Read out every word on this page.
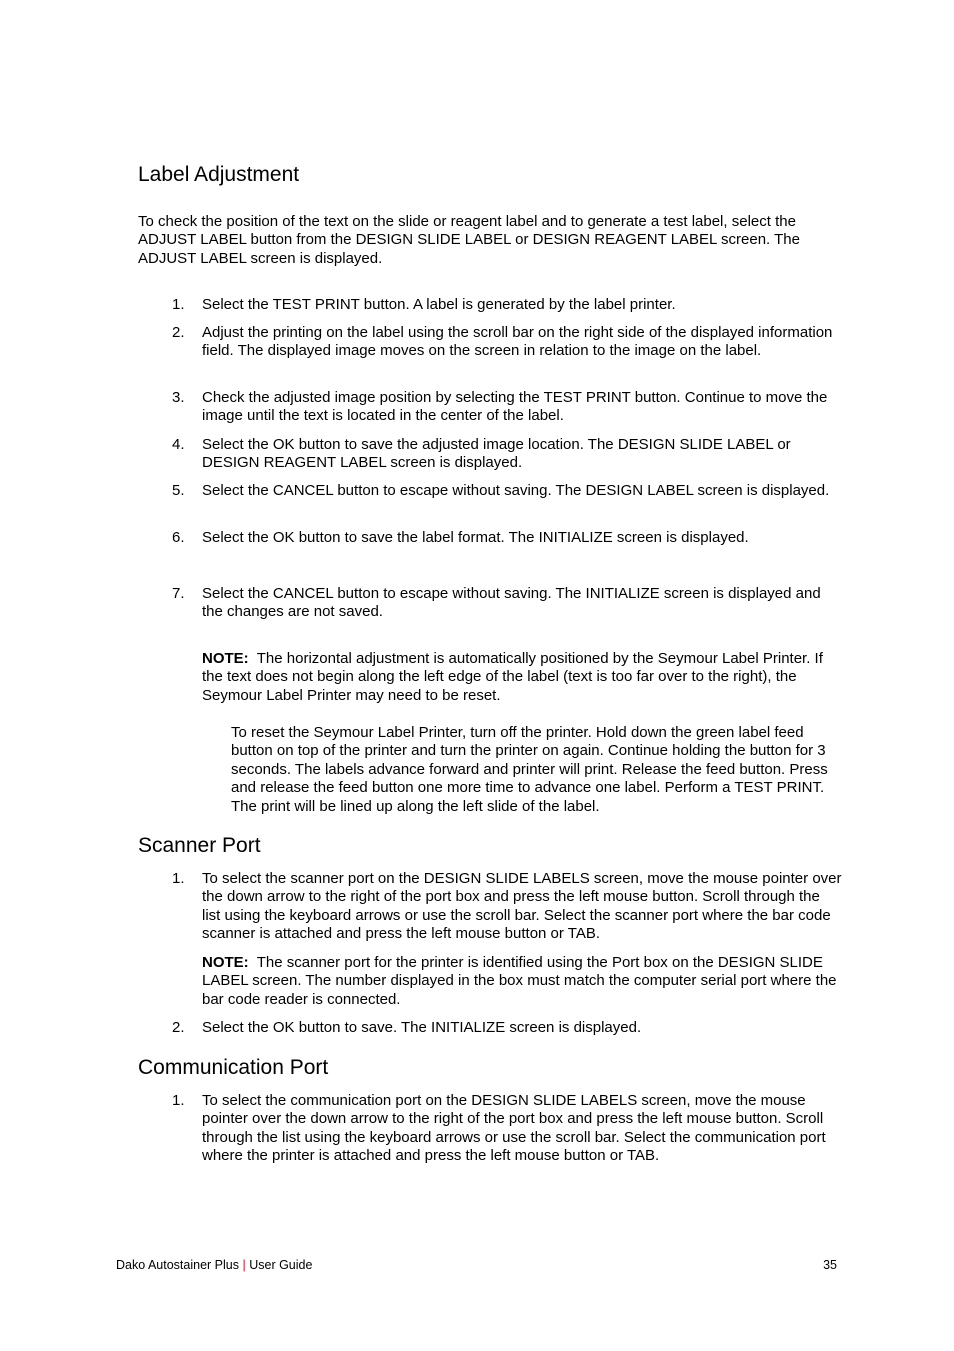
Label Adjustment

To check the position of the text on the slide or reagent label and to generate a test label, select the ADJUST LABEL button from the DESIGN SLIDE LABEL or DESIGN REAGENT LABEL screen. The ADJUST LABEL screen is displayed.

1.	Select the TEST PRINT button. A label is generated by the label printer.
2.	Adjust the printing on the label using the scroll bar on the right side of the displayed information field. The displayed image moves on the screen in relation to the image on the label.
3.	Check the adjusted image position by selecting the TEST PRINT button. Continue to move the image until the text is located in the center of the label.
4.	Select the OK button to save the adjusted image location. The DESIGN SLIDE LABEL or DESIGN REAGENT LABEL screen is displayed.
5.	Select the CANCEL button to escape without saving. The DESIGN LABEL screen is displayed.
6.	Select the OK button to save the label format. The INITIALIZE screen is displayed.
7.	Select the CANCEL button to escape without saving. The INITIALIZE screen is displayed and the changes are not saved.

NOTE: The horizontal adjustment is automatically positioned by the Seymour Label Printer. If the text does not begin along the left edge of the label (text is too far over to the right), the Seymour Label Printer may need to be reset.

To reset the Seymour Label Printer, turn off the printer. Hold down the green label feed button on top of the printer and turn the printer on again. Continue holding the button for 3 seconds. The labels advance forward and printer will print. Release the feed button. Press and release the feed button one more time to advance one label. Perform a TEST PRINT. The print will be lined up along the left slide of the label.

Scanner Port
1.	To select the scanner port on the DESIGN SLIDE LABELS screen, move the mouse pointer over the down arrow to the right of the port box and press the left mouse button. Scroll through the list using the keyboard arrows or use the scroll bar. Select the scanner port where the bar code scanner is attached and press the left mouse button or TAB.

NOTE: The scanner port for the printer is identified using the Port box on the DESIGN SLIDE LABEL screen. The number displayed in the box must match the computer serial port where the bar code reader is connected.

2.	Select the OK button to save. The INITIALIZE screen is displayed.
Communication Port
1.	To select the communication port on the DESIGN SLIDE LABELS screen, move the mouse pointer over the down arrow to the right of the port box and press the left mouse button. Scroll through the list using the keyboard arrows or use the scroll bar. Select the communication port where the printer is attached and press the left mouse button or TAB.
Dako Autostainer Plus | User Guide	35
